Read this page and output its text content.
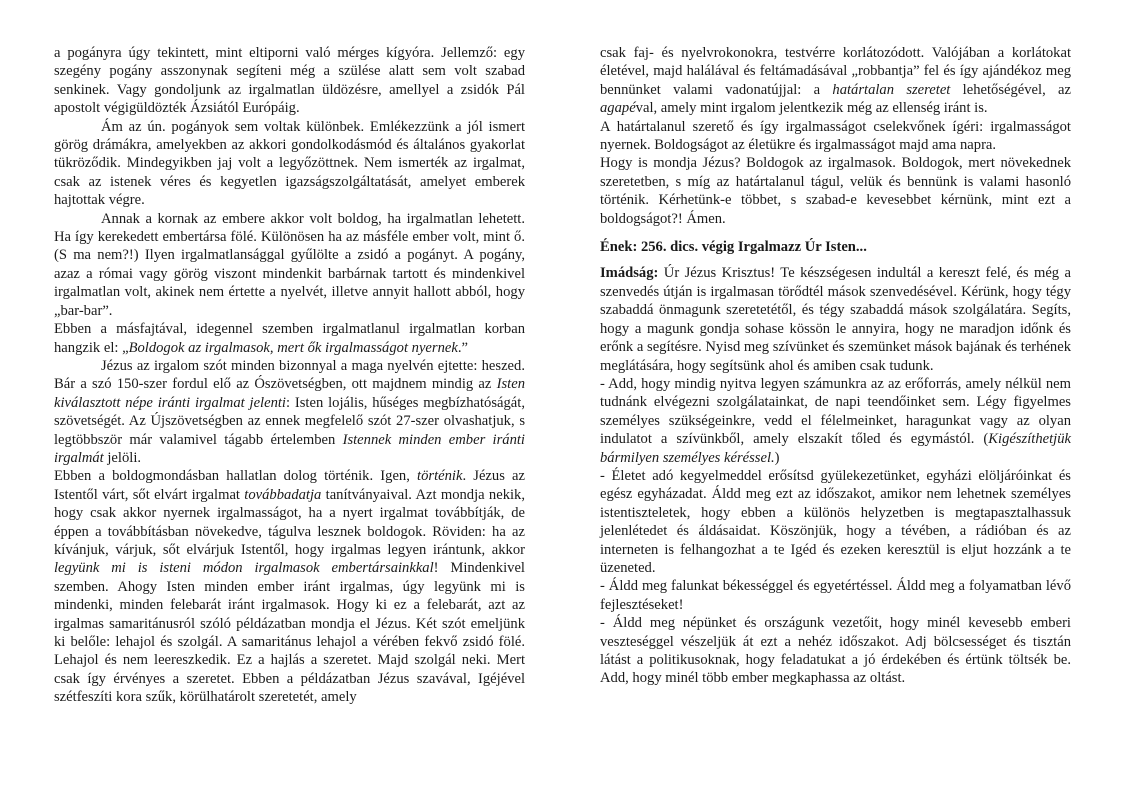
a pogányra úgy tekintett, mint eltiporni való mérges kígyóra. Jellemző: egy szegény pogány asszonynak segíteni még a szülése alatt sem volt szabad senkinek. Vagy gondoljunk az irgalmatlan üldözésre, amellyel a zsidók Pál apostolt végigüldözték Ázsiától Európáig.

Ám az ún. pogányok sem voltak különbek. Emlékezzünk a jól ismert görög drámákra, amelyekben az akkori gondolkodásmód és általános gyakorlat tükröződik. Mindegyikben jaj volt a legyőzöttnek. Nem ismerték az irgalmat, csak az istenek véres és kegyetlen igazságszolgáltatását, amelyet emberek hajtottak végre.

Annak a kornak az embere akkor volt boldog, ha irgalmatlan lehetett. Ha így kerekedett embertársa fölé. Különösen ha az másféle ember volt, mint ő. (S ma nem?!) Ilyen irgalmatlansággal gyűlölte a zsidó a pogányt. A pogány, azaz a római vagy görög viszont mindenkit barbárnak tartott és mindenkivel irgalmatlan volt, akinek nem értette a nyelvét, illetve annyit hallott abból, hogy „bar-bar”.

Ebben a másfajtával, idegennel szemben irgalmatlanul irgalmatlan korban hangzik el: „Boldogok az irgalmasok, mert ők irgalmasságot nyernek.”

Jézus az irgalom szót minden bizonnyal a maga nyelvén ejtette: heszed. Bár a szó 150-szer fordul elő az Ószövetségben, ott majdnem mindig az Isten kiválasztott népe iránti irgalmat jelenti: Isten lojális, hűséges megbízhatóságát, szövetségét. Az Újszövetségben az ennek megfelelő szót 27-szer olvashatjuk, s legtöbbször már valamivel tágabb értelemben Istennek minden ember iránti irgalmát jelöli.

Ebben a boldogmondásban hallatlan dolog történik. Igen, történik. Jézus az Istentől várt, sőt elvárt irgalmat továbbadatja tanítványaival. Azt mondja nekik, hogy csak akkor nyernek irgalmasságot, ha a nyert irgalmat továbbítják, de éppen a továbbításban növekedve, tágulva lesznek boldogok. Röviden: ha az kívánjuk, várjuk, sőt elvárjuk Istentől, hogy irgalmas legyen irántunk, akkor legyünk mi is isteni módon irgalmasok embertársainkkal! Mindenkivel szemben. Ahogy Isten minden ember iránt irgalmas, úgy legyünk mi is mindenki, minden felebarát iránt irgalmasok. Hogy ki ez a felebarát, azt az irgalmas samaritánusról szóló példázatban mondja el Jézus. Két szót emeljünk ki belőle: lehajol és szolgál. A samaritánus lehajol a vérében fekvő zsidó fölé. Lehajol és nem leereszkedik. Ez a hajlás a szeretet. Majd szolgál neki. Mert csak így érvényes a szeretet. Ebben a példázatban Jézus szavával, Igéjével szétfeszíti kora szűk, körülhatárolt szeretetét, amely

csak faj- és nyelvrokonokra, testvérre korlátozódott. Valójában a korlátokat életével, majd halálával és feltámadásával „robbantja” fel és így ajándékoz meg bennünket valami vadonatújjal: a határtalan szeretet lehetőségével, az agapéval, amely mint irgalom jelentkezik még az ellenség iránt is.

A határtalanul szerető és így irgalmasságot cselekvőnek ígéri: irgalmasságot nyernek. Boldogságot az életükre és irgalmasságot majd ama napra.

Hogy is mondja Jézus? Boldogok az irgalmasok. Boldogok, mert növekednek szeretetben, s míg az határtalanul tágul, velük és bennünk is valami hasonló történik. Kérhetünk-e többet, s szabad-e kevesebbet kérnünk, mint ezt a boldogságot?! Ámen.

Ének: 256. dics. végig Irgalmazz Úr Isten...

Imádság: Úr Jézus Krisztus! Te készségesen indultál a kereszt felé, és még a szenvedés útján is irgalmasan törődtél mások szenvedésével. Kérünk, hogy tégy szabaddá önmagunk szeretetétől, és tégy szabaddá mások szolgálatára. Segíts, hogy a magunk gondja sohase kössön le annyira, hogy ne maradjon időnk és erőnk a segítésre. Nyisd meg szívünket és szemünket mások bajának és terhének meglátására, hogy segítsünk ahol és amiben csak tudunk.

- Add, hogy mindig nyitva legyen számunkra az az erőforrás, amely nélkül nem tudnánk elvégezni szolgálatainkat, de napi teendőinket sem. Légy figyelmes személyes szükségeinkre, vedd el félelmeinket, haragunkat vagy az olyan indulatot a szívünkből, amely elszakít tőled és egymástól. (Kigészíthetjük bármilyen személyes kéréssel.)

- Életet adó kegyelmeddel erősítsd gyülekezetünket, egyházi elöljáróinkat és egész egyházadat. Áldd meg ezt az időszakot, amikor nem lehetnek személyes istentiszteletek, hogy ebben a különös helyzetben is megtapasztalhassuk jelenlétedet és áldásaidat. Köszönjük, hogy a tévében, a rádióban és az interneten is felhangozhat a te Igéd és ezeken keresztül is eljut hozzánk a te üzeneted.

- Áldd meg falunkat békességgel és egyetértéssel. Áldd meg a folyamatban lévő fejlesztéseket!

- Áldd meg népünket és országunk vezetőit, hogy minél kevesebb emberi veszteséggel vészeljük át ezt a nehéz időszakot. Adj bölcsességet és tisztán látást a politikusoknak, hogy feladatukat a jó érdekében és értünk töltsék be. Add, hogy minél több ember megkaphassa az oltást.
